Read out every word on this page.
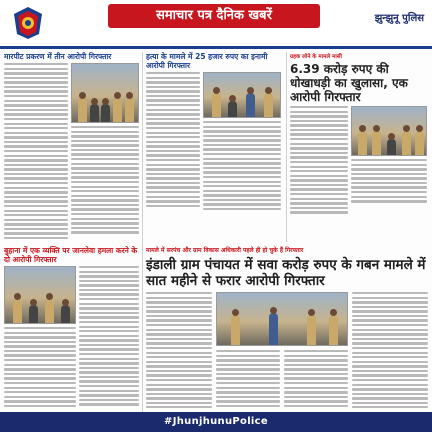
समाचार पत्र दैनिक खबरें	झुन्झुनू पुलिस
मारपीट प्रकरण में तीन आरोपी गिरफ्तार	हत्या के मामले में 25 हजार रुपए का इनामी आरोपी गिरफ्तार
ग्रहक लोने के मामले मासी
6.39 करोड़ रुपए की धोखाधड़ी का खुलासा, एक आरोपी गिरफ्तार
बुहाना में एक व्यक्ति पर जानलेवा हमला करने के दो आरोपी गिरफ्तार
मामले में सरपंच और ग्राम विकास अधिकारी पहले ही हो चुके हैं गिरफ्तार
इंडाली ग्राम पंचायत में सवा करोड़ रुपए के गबन मामले में सात महीने से फरार आरोपी गिरफ्तार
#JhunjhunuPolice
